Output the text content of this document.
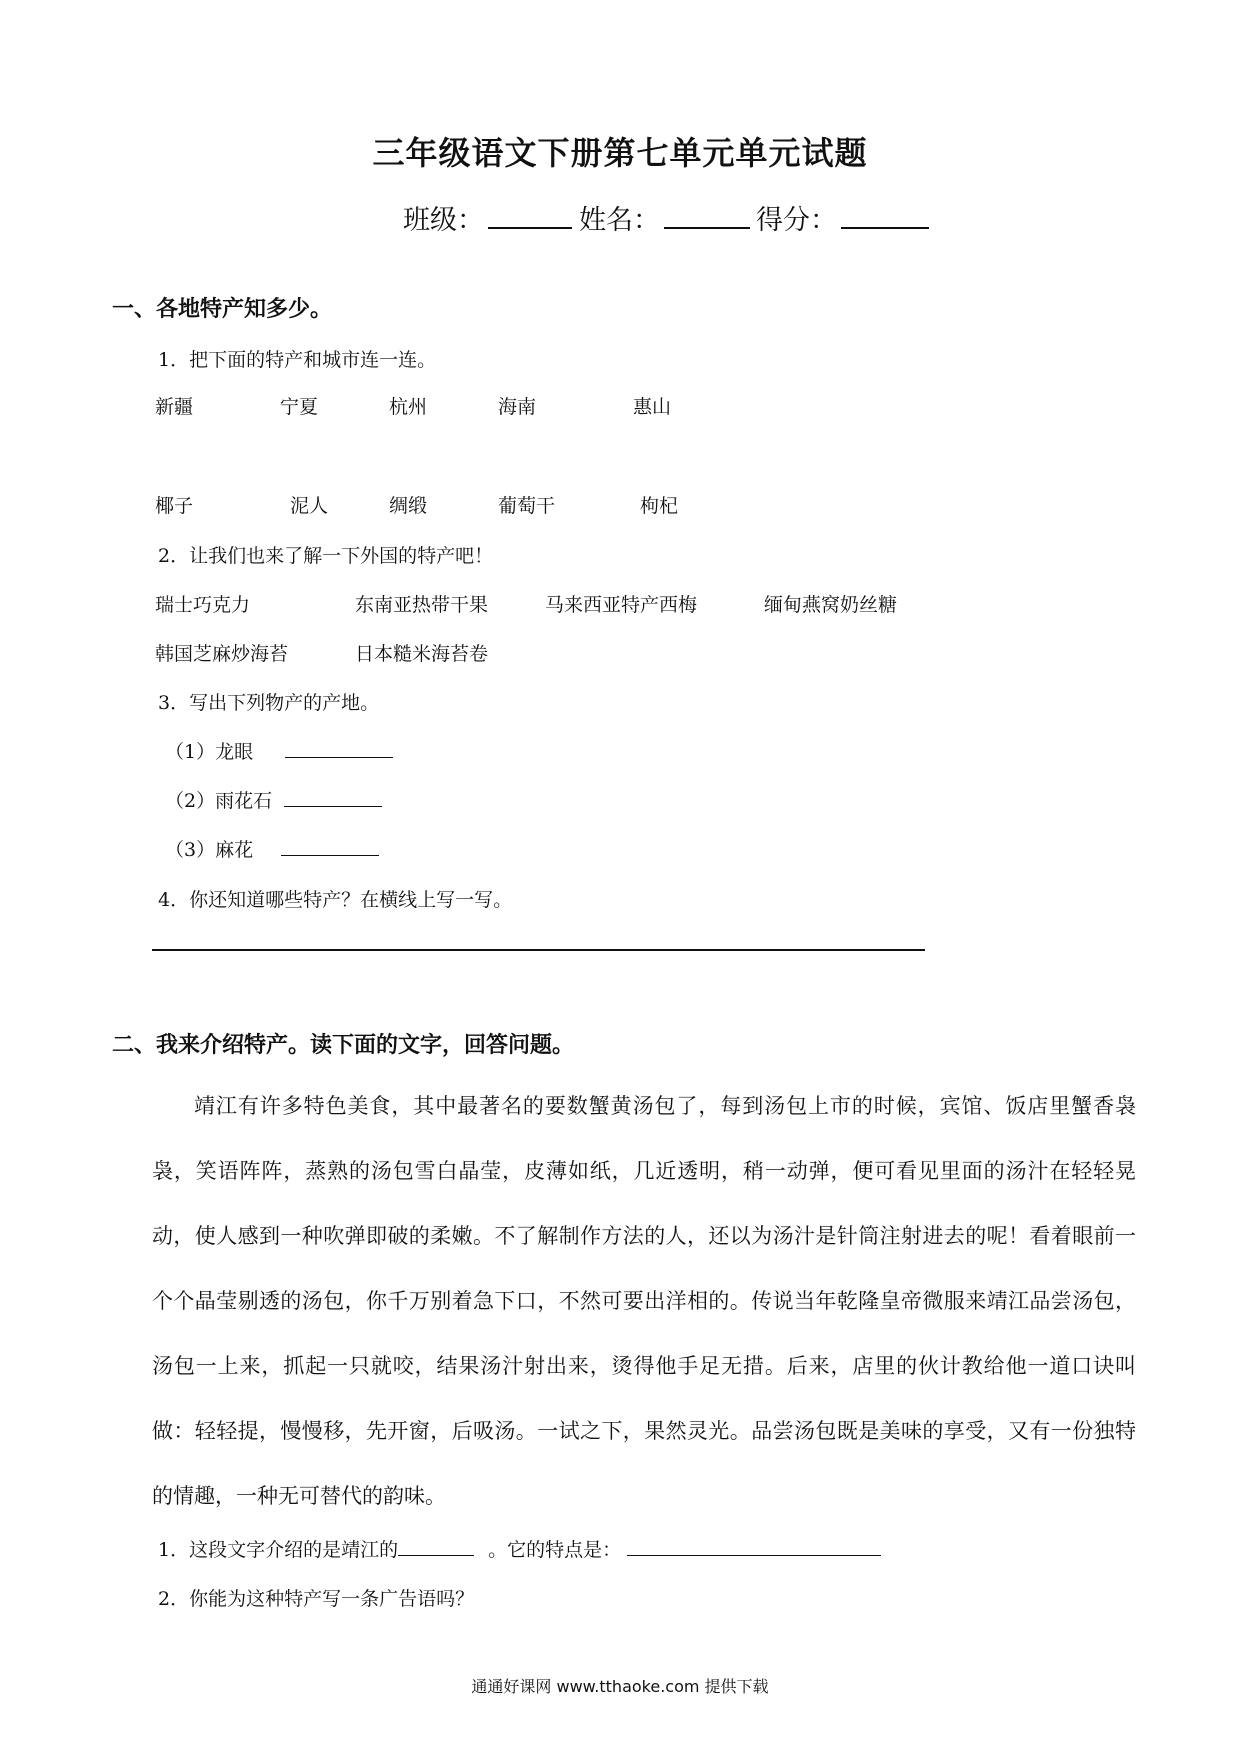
三年级语文下册第七单元单元试题
班级：	姓名：	得分：
一、各地特产知多少。
1．把下面的特产和城市连一连。
新疆	宁夏	杭州	海南	惠山
椰子	泥人	绸缎	葡萄干	枸杞
2．让我们也来了解一下外国的特产吧！
瑞士巧克力	东南亚热带干果	马来西亚特产西梅	缅甸燕窝奶丝糖
韩国芝麻炒海苔	日本糙米海苔卷
3．写出下列物产的产地。
（1）龙眼
（2）雨花石
（3）麻花
4．你还知道哪些特产？在横线上写一写。
二、我来介绍特产。读下面的文字，回答问题。
靖江有许多特色美食，其中最著名的要数蟹黄汤包了，每到汤包上市的时候，宾馆、饭店里蟹香袅袅，笑语阵阵，蒸熟的汤包雪白晶莹，皮薄如纸，几近透明，稍一动弹，便可看见里面的汤汁在轻轻晃动，使人感到一种吹弹即破的柔嫩。不了解制作方法的人，还以为汤汁是针筒注射进去的呢！看着眼前一个个晶莹剔透的汤包，你千万别着急下口，不然可要出洋相的。传说当年乾隆皇帝微服来靖江品尝汤包，汤包一上来，抓起一只就咬，结果汤汁射出来，烫得他手足无措。后来，店里的伙计教给他一道口诀叫做：轻轻提，慢慢移，先开窗，后吸汤。一试之下，果然灵光。品尝汤包既是美味的享受，又有一份独特的情趣，一种无可替代的韵味。
1．这段文字介绍的是靖江的	。它的特点是：
2．你能为这种特产写一条广告语吗？
通通好课网 www.tthaoke.com 提供下载
